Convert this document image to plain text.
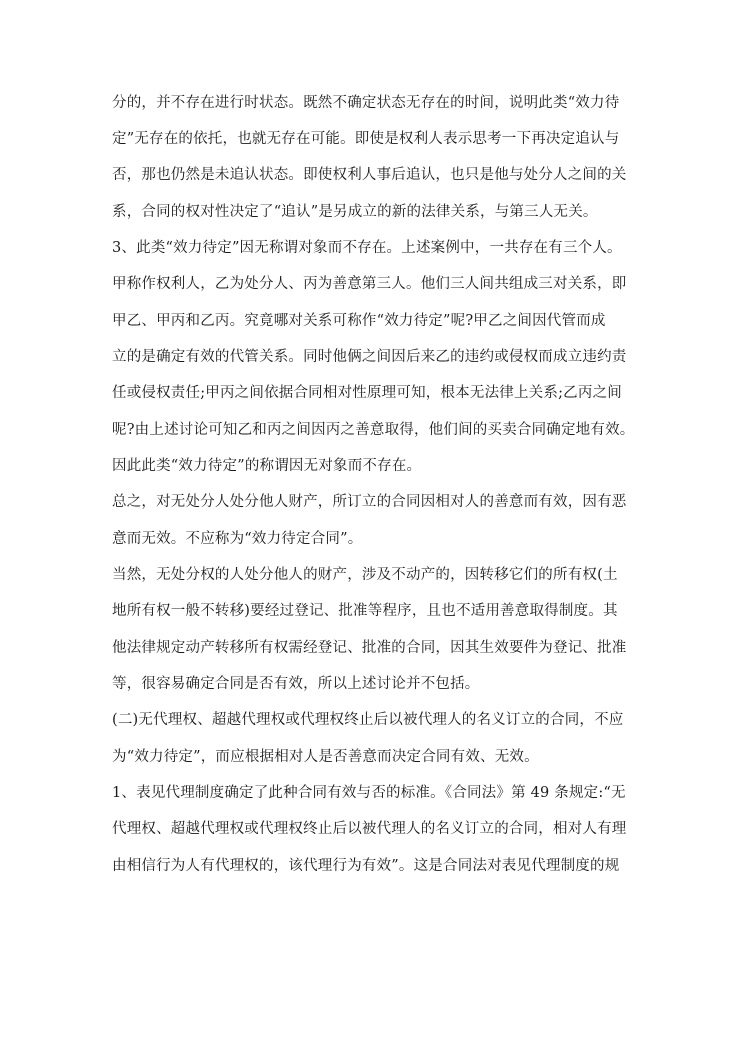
分的，并不存在进行时状态。既然不确定状态无存在的时间，说明此类“效力待
定”无存在的依托，也就无存在可能。即使是权利人表示思考一下再决定追认与
否，那也仍然是未追认状态。即使权利人事后追认，也只是他与处分人之间的关
系，合同的权对性决定了“追认”是另成立的新的法律关系，与第三人无关。
3、此类“效力待定”因无称谓对象而不存在。上述案例中，一共存在有三个人。
甲称作权利人，乙为处分人、丙为善意第三人。他们三人间共组成三对关系，即
甲乙、甲丙和乙丙。究竟哪对关系可称作“效力待定”呢?甲乙之间因代管而成
立的是确定有效的代管关系。同时他俩之间因后来乙的违约或侵权而成立违约责
任或侵权责任;甲丙之间依据合同相对性原理可知，根本无法律上关系;乙丙之间
呢?由上述讨论可知乙和丙之间因丙之善意取得，他们间的买卖合同确定地有效。
因此此类“效力待定”的称谓因无对象而不存在。
总之，对无处分人处分他人财产，所订立的合同因相对人的善意而有效，因有恶
意而无效。不应称为“效力待定合同”。
当然，无处分权的人处分他人的财产，涉及不动产的，因转移它们的所有权(土
地所有权一般不转移)要经过登记、批准等程序，且也不适用善意取得制度。其
他法律规定动产转移所有权需经登记、批准的合同，因其生效要件为登记、批准
等，很容易确定合同是否有效，所以上述讨论并不包括。
(二)无代理权、超越代理权或代理权终止后以被代理人的名义订立的合同，不应
为“效力待定”，而应根据相对人是否善意而决定合同有效、无效。
1、表见代理制度确定了此种合同有效与否的标准。《合同法》第 49 条规定:“无
代理权、超越代理权或代理权终止后以被代理人的名义订立的合同，相对人有理
由相信行为人有代理权的，该代理行为有效”。这是合同法对表见代理制度的规
